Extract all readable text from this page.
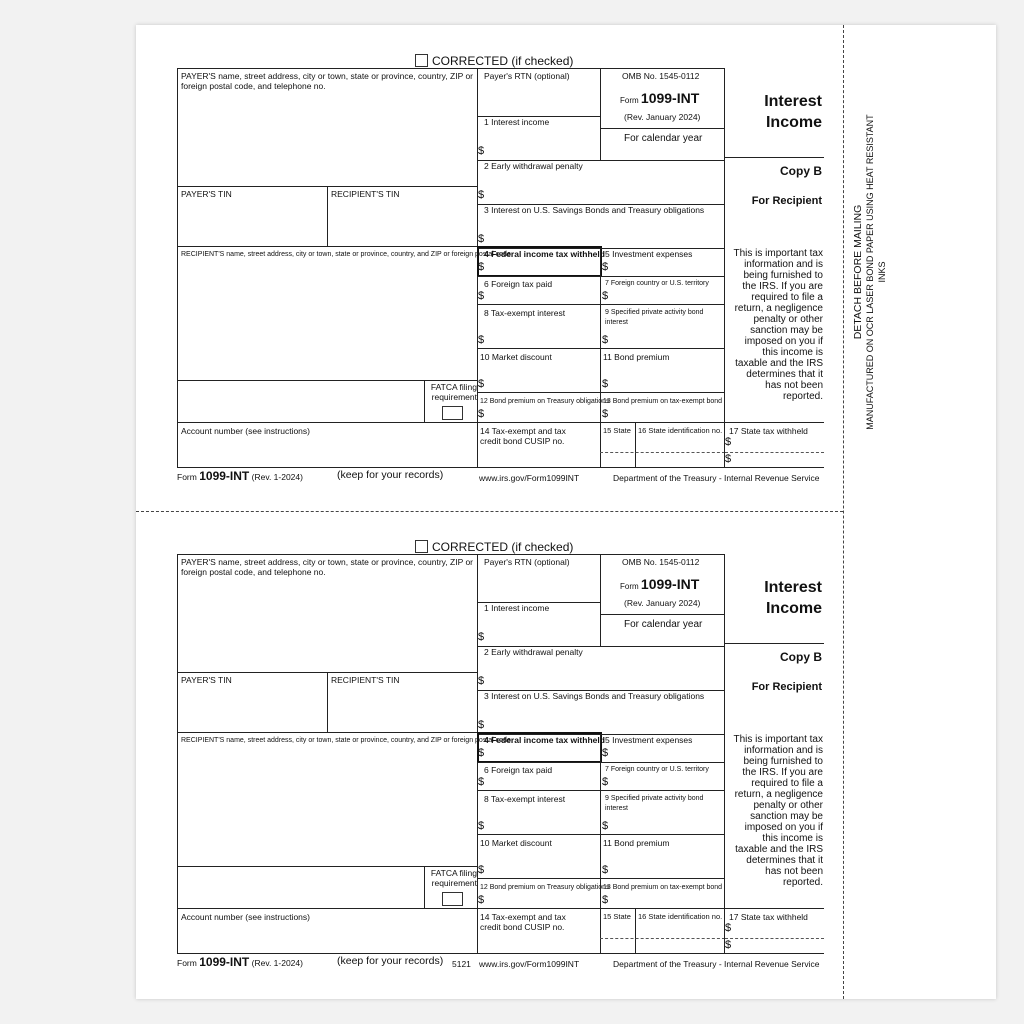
DETACH BEFORE MAILING MANUFACTURED ON OCR LASER BOND PAPER USING HEAT RESISTANT INKS
CORRECTED (if checked)
PAYER'S name, street address, city or town, state or province, country, ZIP or foreign postal code, and telephone no.
PAYER'S TIN	RECIPIENT'S TIN
RECIPIENT'S name, street address, city or town, state or province, country, and ZIP or foreign postal code
FATCA filing requirement
Account number (see instructions)
Payer's RTN (optional)	OMB No. 1545-0112
Form 1099-INT
(Rev. January 2024)
For calendar year
1 Interest income
$
2 Early withdrawal penalty
$
3 Interest on U.S. Savings Bonds and Treasury obligations
$
4 Federal income tax withheld
$
5 Investment expenses
$
6 Foreign tax paid
$
7 Foreign country or U.S. territory
$
8 Tax-exempt interest
$
9 Specified private activity bond interest
$
10 Market discount
$
11 Bond premium
$
12 Bond premium on Treasury obligations
$
13 Bond premium on tax-exempt bond
$
14 Tax-exempt and tax credit bond CUSIP no.
15 State 16 State identification no.
Interest
Income
Copy B
For Recipient
This is important tax information and is being furnished to the IRS. If you are required to file a return, a negligence penalty or other sanction may be imposed on you if this income is taxable and the IRS determines that it has not been reported.
17 State tax withheld
$
$
Form 1099-INT (Rev. 1-2024)	(keep for your records)	www.irs.gov/Form1099INT	Department of the Treasury - Internal Revenue Service
CORRECTED (if checked)
PAYER'S name, street address, city or town, state or province, country, ZIP or foreign postal code, and telephone no.
PAYER'S TIN	RECIPIENT'S TIN
RECIPIENT'S name, street address, city or town, state or province, country, and ZIP or foreign postal code
FATCA filing requirement
Account number (see instructions)
Payer's RTN (optional)	OMB No. 1545-0112
Form 1099-INT
(Rev. January 2024)
For calendar year
1 Interest income
$
2 Early withdrawal penalty
$
3 Interest on U.S. Savings Bonds and Treasury obligations
$
4 Federal income tax withheld
$
5 Investment expenses
$
6 Foreign tax paid
$
7 Foreign country or U.S. territory
$
8 Tax-exempt interest
$
9 Specified private activity bond interest
$
10 Market discount
$
11 Bond premium
$
12 Bond premium on Treasury obligations
$
13 Bond premium on tax-exempt bond
$
14 Tax-exempt and tax credit bond CUSIP no.
15 State 16 State identification no.
Interest
Income
Copy B
For Recipient
This is important tax information and is being furnished to the IRS. If you are required to file a return, a negligence penalty or other sanction may be imposed on you if this income is taxable and the IRS determines that it has not been reported.
17 State tax withheld
$
$
Form 1099-INT (Rev. 1-2024)	(keep for your records)	www.irs.gov/Form1099INT	Department of the Treasury - Internal Revenue Service
5121
